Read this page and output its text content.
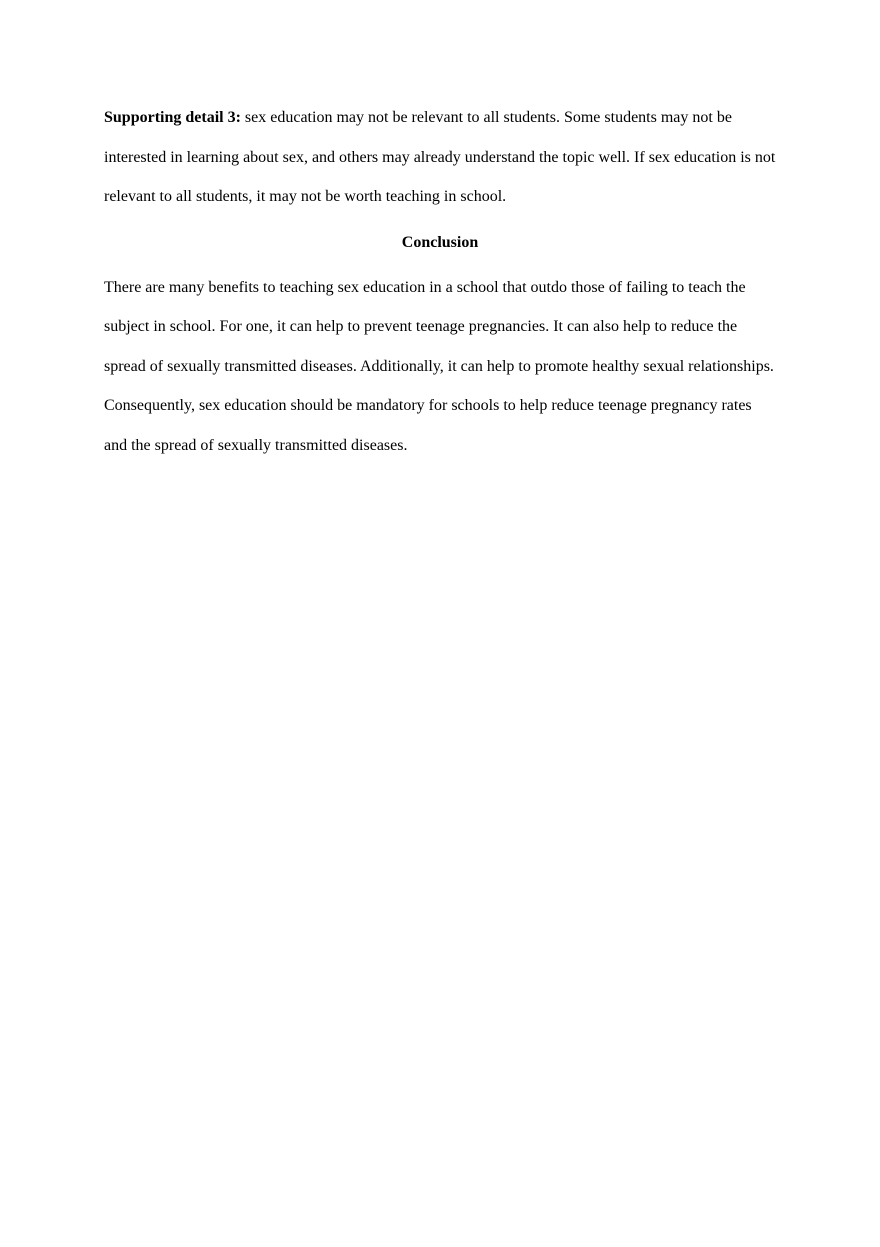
Supporting detail 3: sex education may not be relevant to all students. Some students may not be interested in learning about sex, and others may already understand the topic well. If sex education is not relevant to all students, it may not be worth teaching in school.

Conclusion

There are many benefits to teaching sex education in a school that outdo those of failing to teach the subject in school. For one, it can help to prevent teenage pregnancies. It can also help to reduce the spread of sexually transmitted diseases. Additionally, it can help to promote healthy sexual relationships. Consequently, sex education should be mandatory for schools to help reduce teenage pregnancy rates and the spread of sexually transmitted diseases.
